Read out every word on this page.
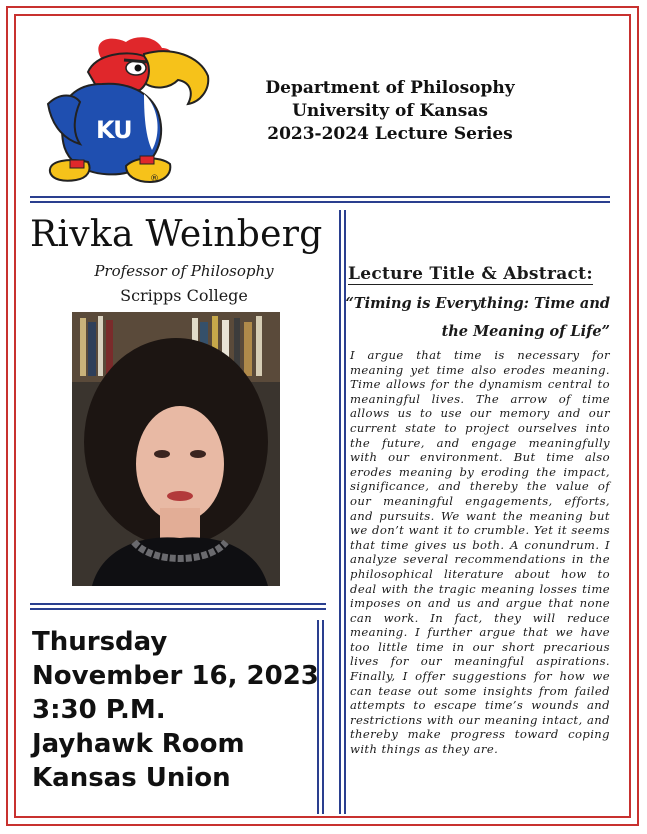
KU
®
Department of Philosophy
University of Kansas
2023-2024 Lecture Series
Rivka Weinberg
Professor of Philosophy
Scripps College
Thursday
November 16, 2023
3:30 P.M.
Jayhawk Room
Kansas Union
Lecture Title & Abstract:
“Timing is Everything: Time and the Meaning of Life”
I argue that time is necessary for meaning yet time also erodes meaning. Time allows for the dynamism central to meaningful lives. The arrow of time allows us to use our memory and our current state to project ourselves into the future, and engage meaningfully with our environment. But time also erodes meaning by eroding the impact, significance, and thereby the value of our meaningful engagements, efforts, and pursuits. We want the meaning but we don’t want it to crumble. Yet it seems that time gives us both. A conundrum. I analyze several recommendations in the philosophical literature about how to deal with the tragic meaning losses time imposes on and us and argue that none can work. In fact, they will reduce meaning. I further argue that we have too little time in our short precarious lives for our meaningful aspirations. Finally, I offer suggestions for how we can tease out some insights from failed attempts to escape time’s wounds and restrictions with our meaning intact, and thereby make progress toward coping with things as they are.
